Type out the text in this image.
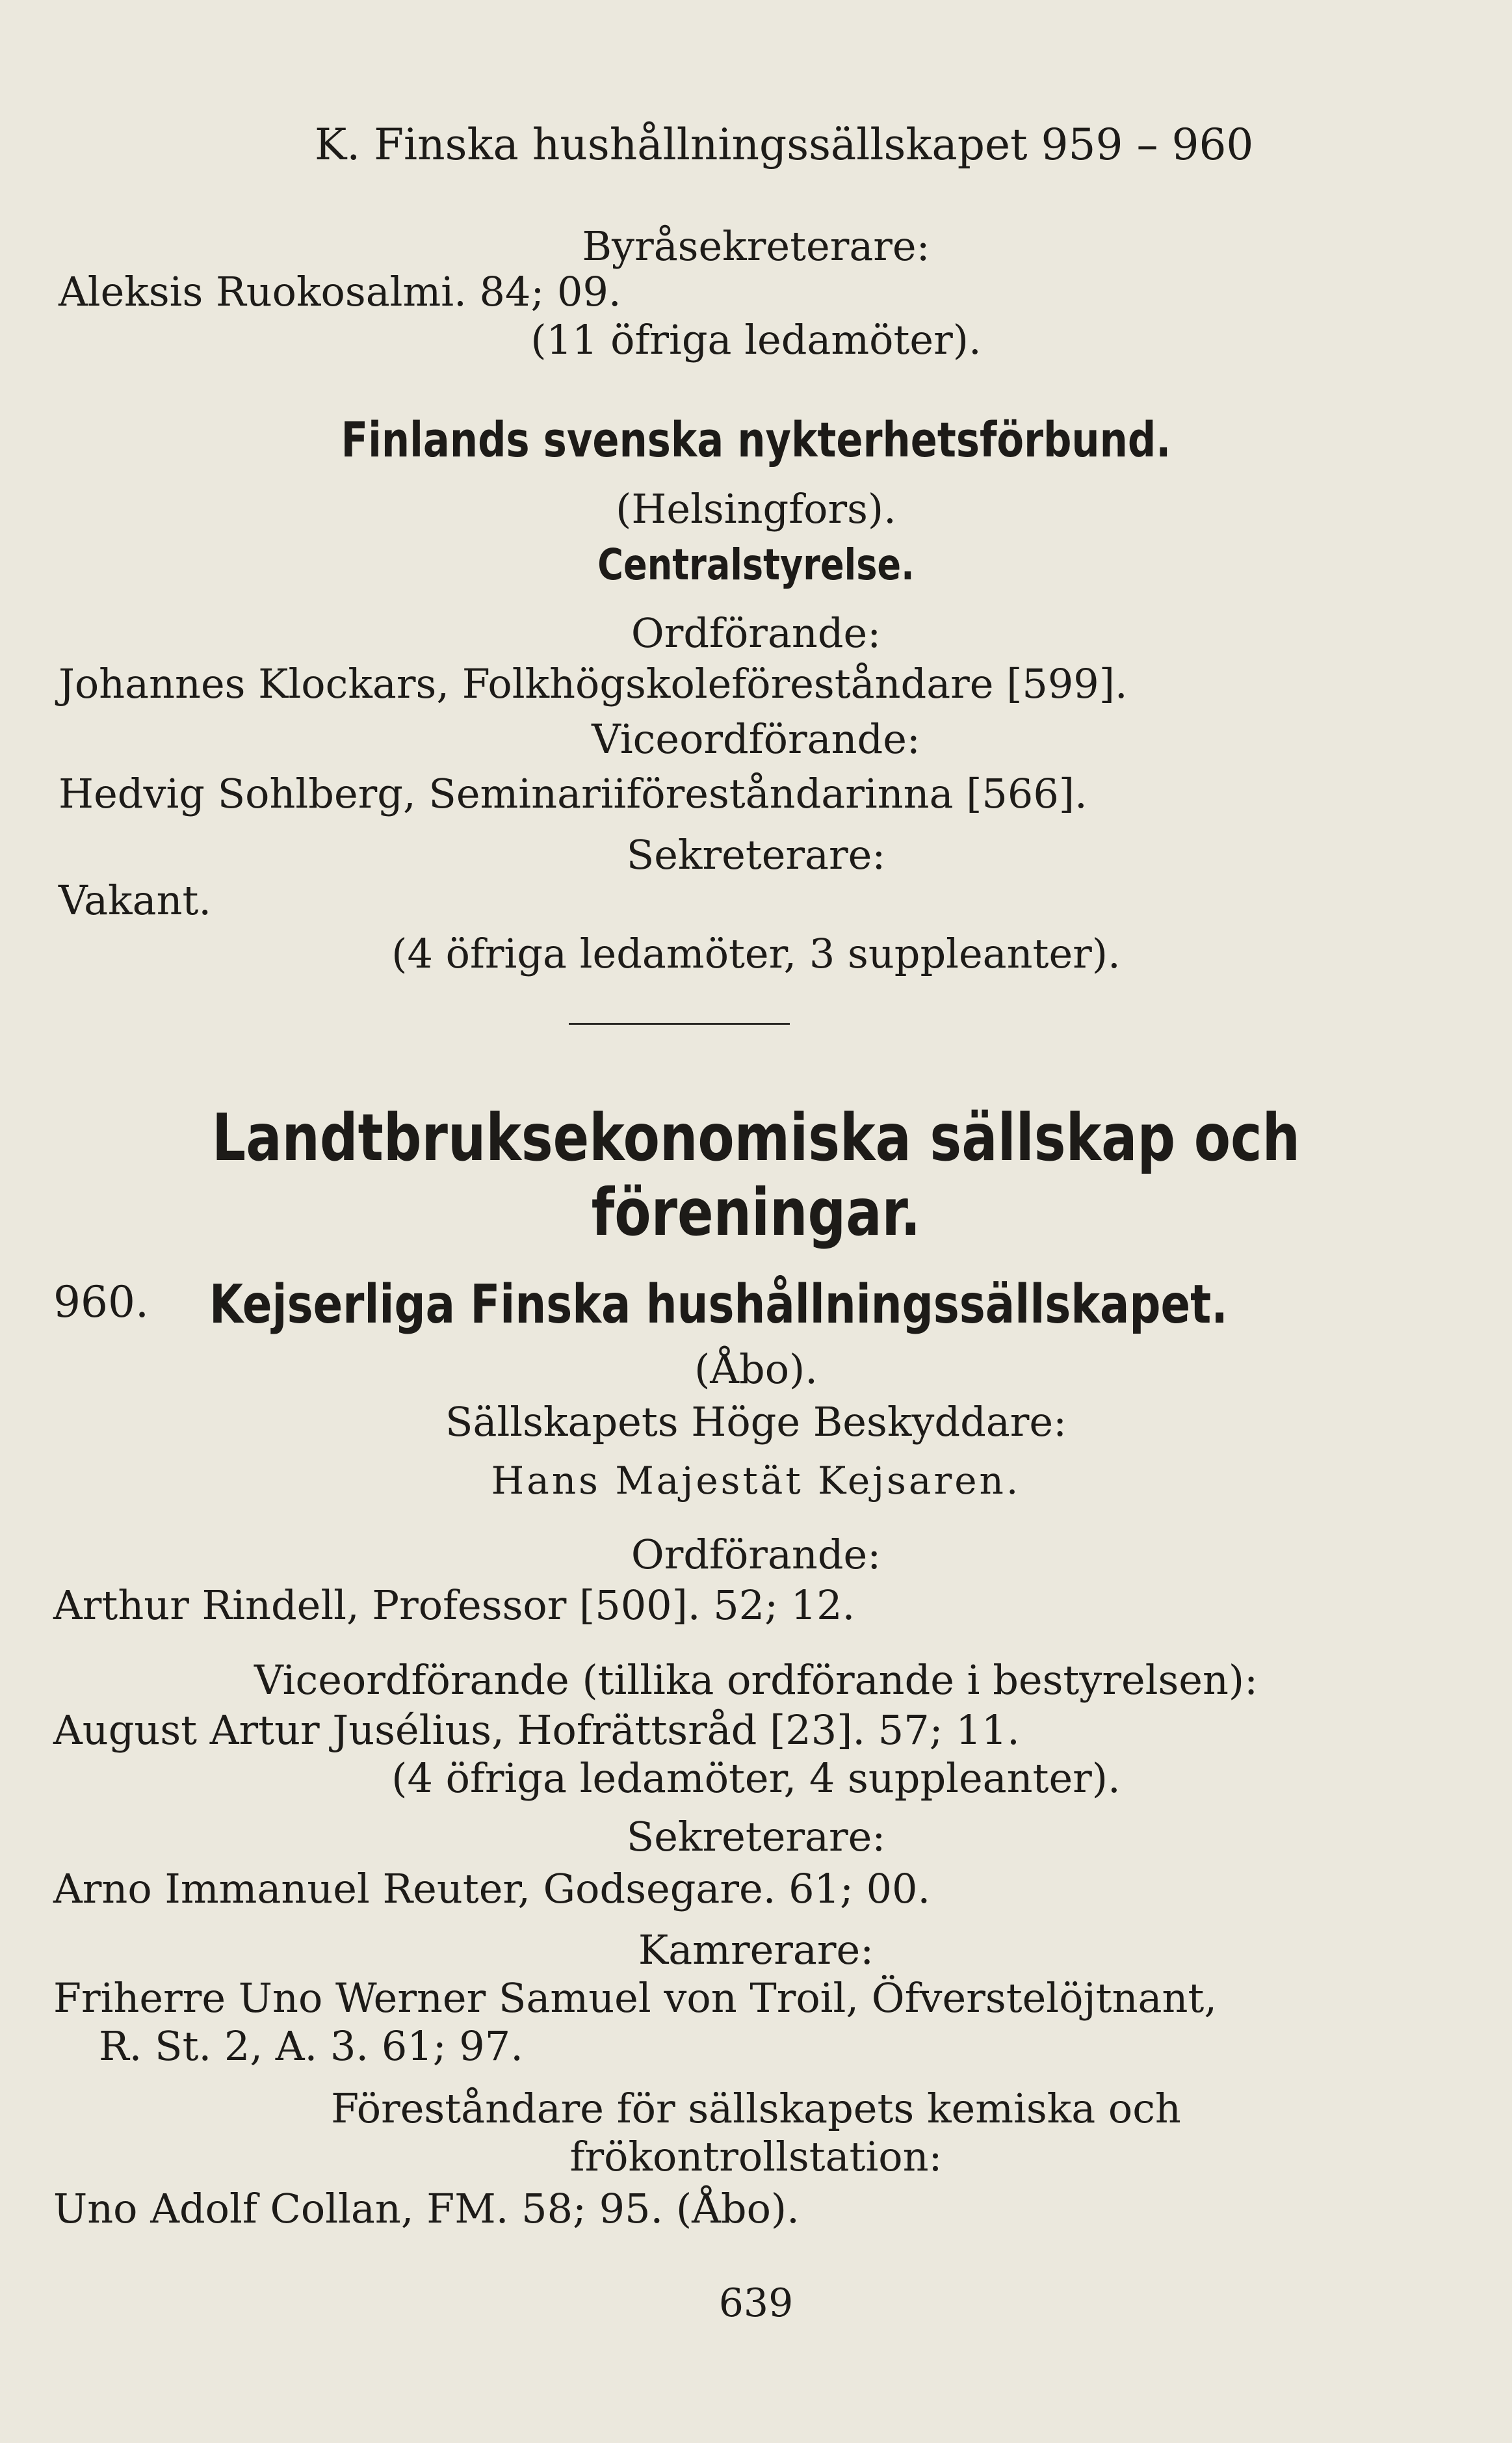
K. Finska hushållningssällskapet 959 – 960
Byråsekreterare:
Aleksis Ruokosalmi. 84; 09.
(11 öfriga ledamöter).
Finlands svenska nykterhetsförbund.
(Helsingfors).
Centralstyrelse.
Ordförande:
Johannes Klockars, Folkhögskoleföreståndare [599].
Viceordförande:
Hedvig Sohlberg, Seminariiföreståndarinna [566].
Sekreterare:
Vakant.
(4 öfriga ledamöter, 3 suppleanter).
Landtbruksekonomiska sällskap och
föreningar.
960. Kejserliga Finska hushållningssällskapet.
(Åbo).
Sällskapets Höge Beskyddare:
Hans Majestät Kejsaren.
Ordförande:
Arthur Rindell, Professor [500]. 52; 12.
Viceordförande (tillika ordförande i bestyrelsen):
August Artur Jusélius, Hofrättsråd [23]. 57; 11.
(4 öfriga ledamöter, 4 suppleanter).
Sekreterare:
Arno Immanuel Reuter, Godsegare. 61; 00.
Kamrerare:
Friherre Uno Werner Samuel von Troil, Öfverstelöjtnant,
R. St. 2, A. 3. 61; 97.
Föreståndare för sällskapets kemiska och
frökontrollstation:
Uno Adolf Collan, FM. 58; 95. (Åbo).
639
